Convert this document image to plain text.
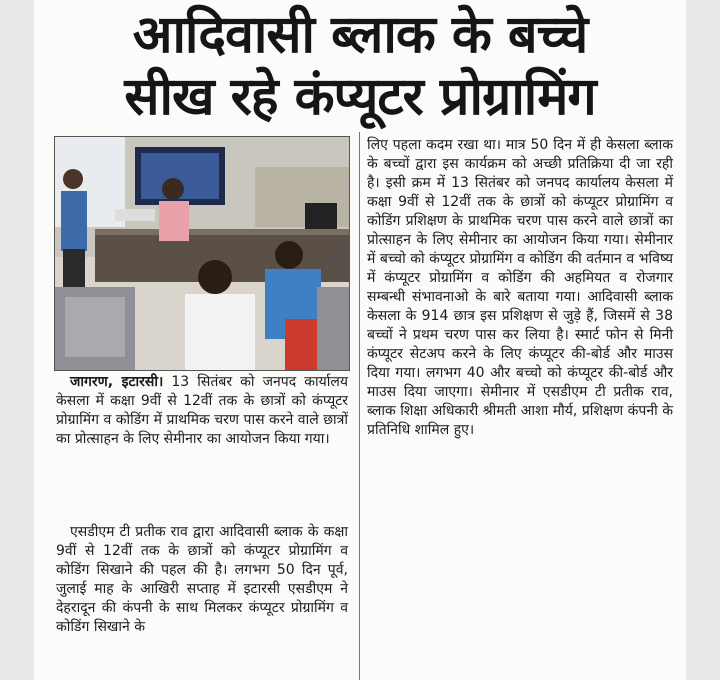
आदिवासी ब्लाक के बच्चे
सीख रहे कंप्यूटर प्रोग्रामिंग

जागरण, इटारसी। 13 सितंबर को जनपद कार्यालय केसला में कक्षा 9वीं से 12वीं तक के छात्रों को कंप्यूटर प्रोग्रामिंग व कोडिंग में प्राथमिक चरण पास करने वाले छात्रों का प्रोत्साहन के लिए सेमीनार का आयोजन किया गया।

एसडीएम टी प्रतीक राव द्वारा आदिवासी ब्लाक के कक्षा 9वीं से 12वीं तक के छात्रों को कंप्यूटर प्रोग्रामिंग व कोडिंग सिखाने की पहल की है। लगभग 50 दिन पूर्व, जुलाई माह के आखिरी सप्ताह में इटारसी एसडीएम ने देहरादून की कंपनी के साथ मिलकर कंप्यूटर प्रोग्रामिंग व कोडिंग सिखाने के

लिए पहला कदम रखा था। मात्र 50 दिन में ही केसला ब्लाक के बच्चों द्वारा इस कार्यक्रम को अच्छी प्रतिक्रिया दी जा रही है। इसी क्रम में 13 सितंबर को जनपद कार्यालय केसला में कक्षा 9वीं से 12वीं तक के छात्रों को कंप्यूटर प्रोग्रामिंग व कोडिंग प्रशिक्षण के प्राथमिक चरण पास करने वाले छात्रों का प्रोत्साहन के लिए सेमीनार का आयोजन किया गया। सेमीनार में बच्चो को कंप्यूटर प्रोग्रामिंग व कोडिंग की वर्तमान व भविष्य में कंप्यूटर प्रोग्रामिंग व कोडिंग की अहमियत व रोजगार सम्बन्धी संभावनाओ के बारे बताया गया। आदिवासी ब्लाक केसला के 914 छात्र इस प्रशिक्षण से जुड़े हैं, जिसमें से 38 बच्चों ने प्रथम चरण पास कर लिया है। स्मार्ट फोन से मिनी कंप्यूटर सेटअप करने के लिए कंप्यूटर की-बोर्ड और माउस दिया गया। लगभग 40 और बच्चो को कंप्यूटर की-बोर्ड और माउस दिया जाएगा। सेमीनार में एसडीएम टी प्रतीक राव, ब्लाक शिक्षा अधिकारी श्रीमती आशा मौर्य, प्रशिक्षण कंपनी के प्रतिनिधि शामिल हुए।
